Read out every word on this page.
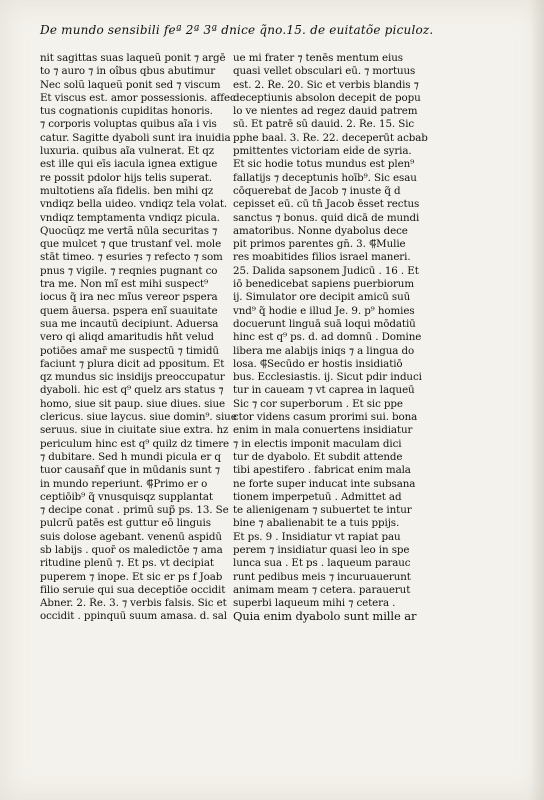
De mundo sensibili feª 2ª 3ª dnice q̃no.15. de euitatõe piculoz.
nit sagittas suas laqueũ ponit ⁊ argē
to ⁊ auro ⁊ in oîbus qbus abutimur
Nec solũ laqueũ ponit sed ⁊ viscum
Et viscus est. amor possessionis. affec
tus cognationis cupiditas honoris.
⁊ corporis voluptas quibus aĩa i vis
catur. Sagitte dyaboli sunt ira inuidia
luxuria. quibus aĩa vulnerat. Et qz
est ille qui eīs iacula ignea extigue
re possit pdolor hijs telis superat.
multotiens aĩa fidelis. ben mihi qz
vndiqz bella uideo. vndiqz tela volat.
vndiqz temptamenta vndiqz picula.
Quocũqz me vertã nūla securitas ⁊
que mulcet ⁊ que trustanf vel. mole
stāt timeo. ⁊ esuries ⁊ refecto ⁊ som
pnus ⁊ vigile. ⁊ reqnies pugnant co
tra me. Non mĩ est mihi suspect⁹
iocus q̃ ira nec mĩus vereor pspera
quem āuersa. pspera enĩ suauitate
sua me incautū decipiunt. Aduersa
vero qi aliqd amaritudis hñt velud
potiōes amar̄ me suspectū ⁊ timidū
faciunt ⁊ plura dicit ad ppositum. Et
qz mundus sic insidijs preoccupatur
dyaboli. hic est q⁹ quelz ars status ⁊
homo, siue sit paup. siue diues. siue
clericus. siue laycus. siue domin⁹. siue
seruus. siue in ciuitate siue extra. hz
periculum hinc est q⁹ quilz dz timere
⁊ dubitare. Sed h mundi picula er q
tuor causan̄f que in mūdanis sunt ⁊
in mundo reperiunt. ⸿Primo er o
ceptiōib⁹ q̃ vnusquisqz supplantat
⁊ decipe conat . primū sup̃ ps. 13. Se
pulcrū patēs est guttur eō linguis
suis dolose agebant. venenū aspidū
sb labijs . quor̄ os maledictōe ⁊ ama
ritudine plenū ⁊. Et ps. vt decipiat
puperem ⁊ inope. Et sic er ps f Joab
filio seruie qui sua deceptiōe occidit
Abner. 2. R̄e. 3. ⁊ verbis falsis. Sic et
occidit . ppinquū suum amasa. d. sal
ue mi frater ⁊ tenēs mentum eius
quasi vellet obsculari eū. ⁊ mortuus
est. 2. R̄e. 20. Sic et verbis blandis ⁊
deceptiunis absolon decepit de popu
lo ve nientes ad regez dauid patrem
sū. Et patrē sū dauid. 2. R̄e. 15. Sic
pphe baal. 3. R̄e. 22. deceperūt acbab
pmittentes victoriam eid̄e de syria.
Et sic hodie totus mundus est plen⁹
fallatijs ⁊ deceptunis hoīb⁹. Sic esau
cōquerebat̄ de Jacob ⁊ inuste q̃ d
cepisset eū. cū tn̄ Jacob ēsset rectus
sanctus ⁊ bonus. quid dicā de mundi
amatoribus. Nonne dyabolus dece
pit primos parentes gn̄. 3. ⸿Mulie
res moabitides filios israel maneri.
25. Dalida sapsonem Judicū . 16 . Et
iō benedicebat sapiens puerbiorum
ij. Simulator ore decipit amicū suū
vnd⁹ q̃ hodie e illud Je. 9. p⁹ homies
docuerunt linguā suā loqui mōdatiū
hinc est q⁹ ps. d. ad domnū . Domine
libera me alabijs iniqs ⁊ a lingua do
losa. ⸿Secūdo er hostis insidiatiō
bus. Ecclesiastis. ij. Sicut pdir induci
tur in caueam ⁊ vt caprea in laqueū
Sic ⁊ cor superborum . Et sic ppe
ctor videns casum prorimi sui. bona
enim in mala conuertens insidiatur
⁊ in electis imponit maculam dici
tur de dyabolo. Et subdit attende
tibi apestifero . fabricat enim mala
ne forte super inducat inte subsana
tionem imperpetuū . Admittet ad
te alienigenam ⁊ subuertet te intur
bine ⁊ abalienabit te a tuis ppijs.
Et ps. 9 . Insidiatur vt rapiat pau
perem ⁊ insidiatur quasi leo in spe
lunca sua . Et ps . laqueum parauc
runt pedibus meis ⁊ incuruauerunt
animam meam ⁊ cetera. parauerut
superbi laqueum mihi ⁊ cetera .
Quia enim dyabolo sunt mille ar
